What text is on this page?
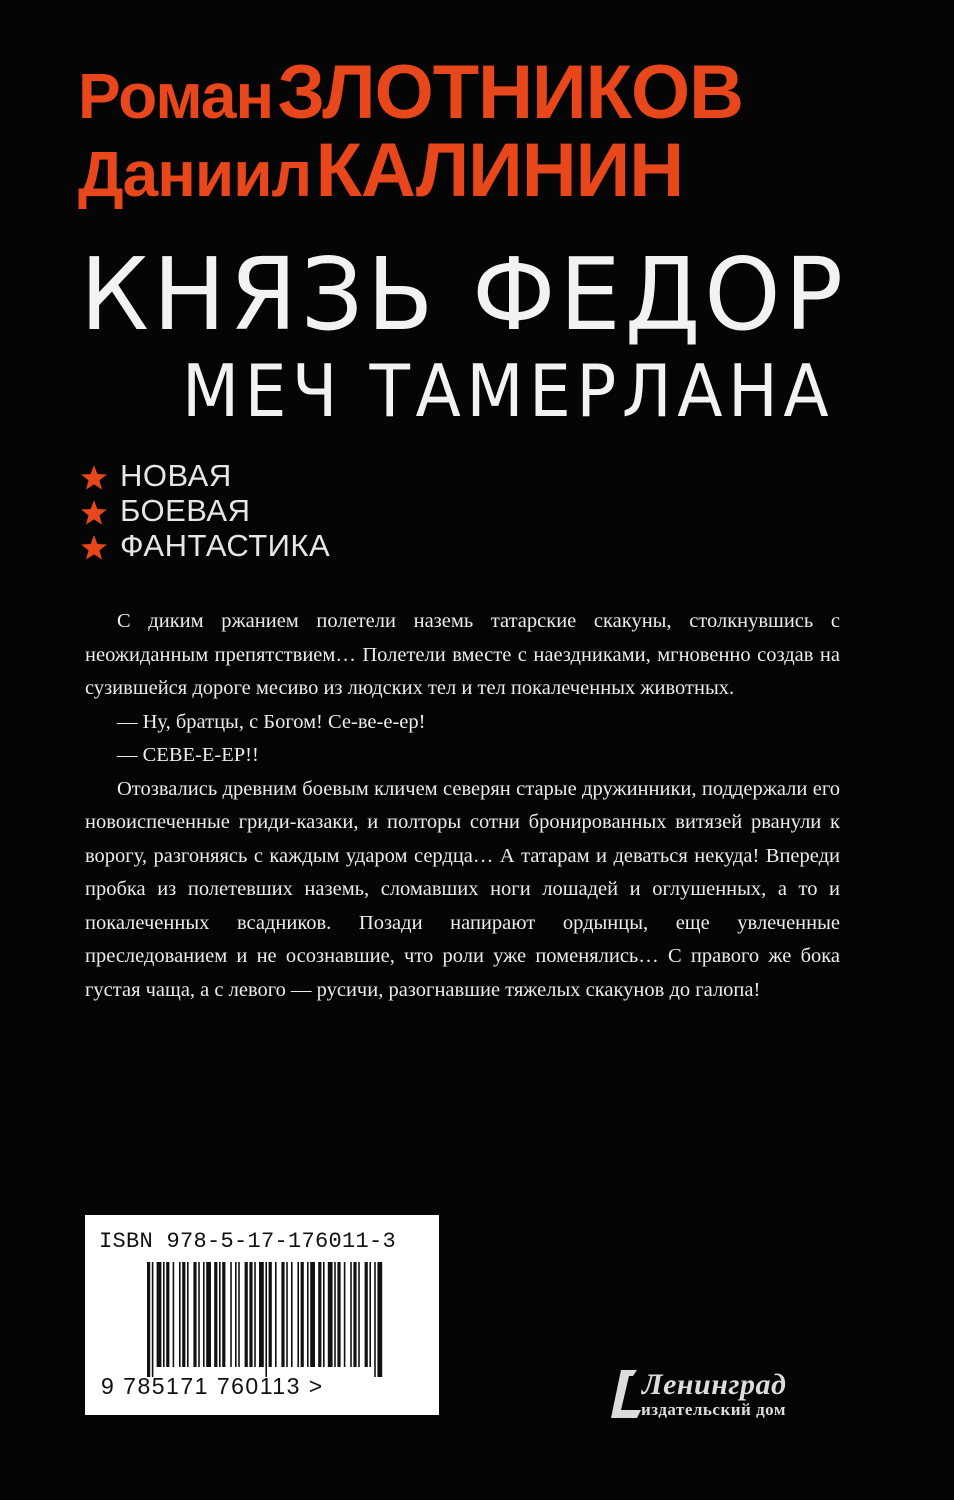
Роман ЗЛОТНИКОВ
Даниил КАЛИНИН
КНЯЗЬ ФЕДОР
МЕЧ ТАМЕРЛАНА
НОВАЯ
БОЕВАЯ
ФАНТАСТИКА

С диким ржанием полетели наземь татарские скакуны, столкнувшись с неожиданным препятствием… Полетели вместе с наездниками, мгновенно создав на сузившейся дороге месиво из людских тел и тел покалеченных животных.

— Ну, братцы, с Богом! Се-ве-е-ер!

— СЕВЕ-Е-ЕР!!

Отозвались древним боевым кличем северян старые дружинники, поддержали его новоиспеченные гриди-казаки, и полторы сотни бронированных витязей рванули к ворогу, разгоняясь с каждым ударом сердца… А татарам и деваться некуда! Впереди пробка из полетевших наземь, сломавших ноги лошадей и оглушенных, а то и покалеченных всадников. Позади напирают ордынцы, еще увлеченные преследованием и не осознавшие, что роли уже поменялись… С правого же бока густая чаща, а с левого — русичи, разогнавшие тяжелых скакунов до галопа!

ISBN 978-5-17-176011-3
9 785171 760113 >	Ленинград
издательский дом
